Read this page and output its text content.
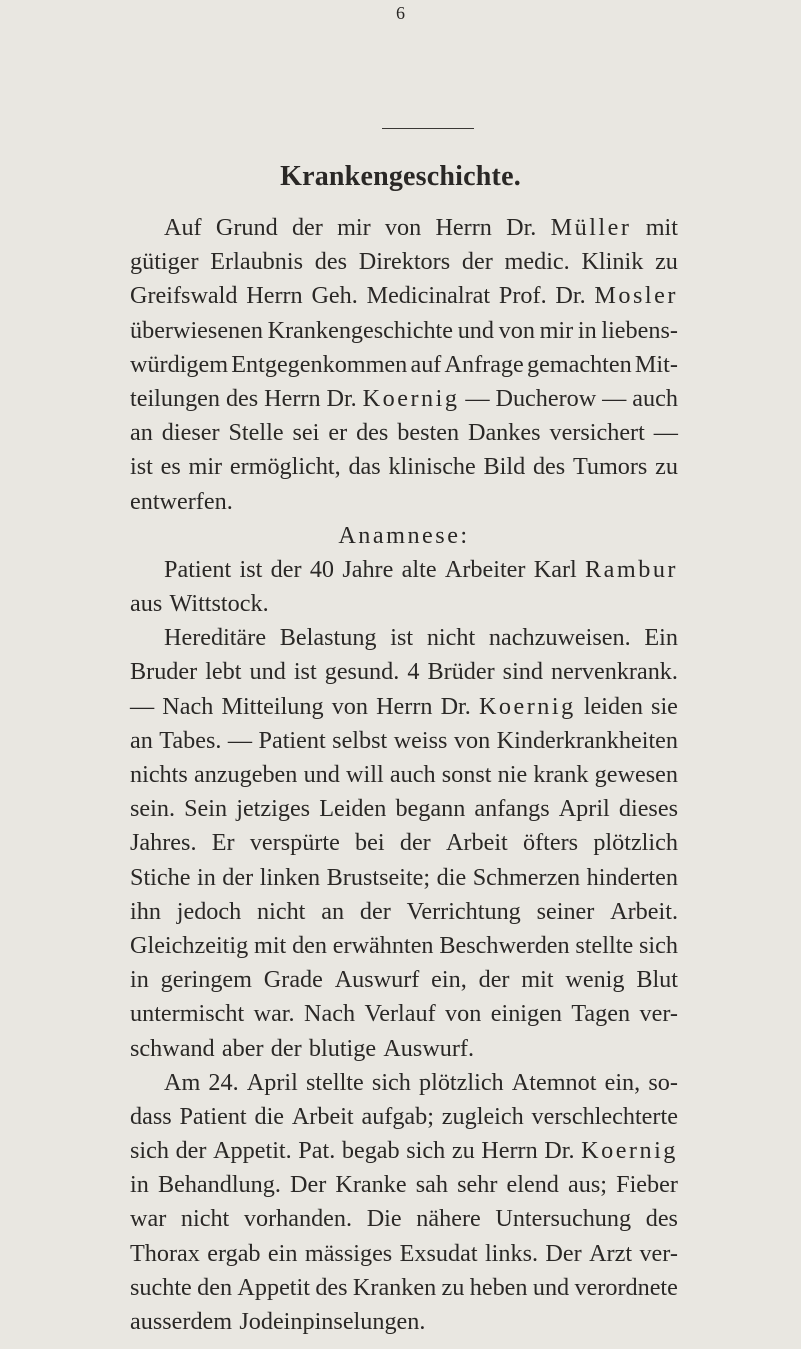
6
Krankengeschichte.
Auf Grund der mir von Herrn Dr. Müller mit
gütiger Erlaubnis des Direktors der medic. Klinik zu
Greifswald Herrn Geh. Medicinalrat Prof. Dr. Mosler
überwiesenen Krankengeschichte und von mir in liebens-
würdigem Entgegenkommen auf Anfrage gemachten Mit-
teilungen des Herrn Dr. Koernig — Ducherow — auch
an dieser Stelle sei er des besten Dankes versichert —
ist es mir ermöglicht, das klinische Bild des Tumors zu
entwerfen.
Anamnese:
Patient ist der 40 Jahre alte Arbeiter Karl Rambur
aus Wittstock.
Hereditäre Belastung ist nicht nachzuweisen. Ein
Bruder lebt und ist gesund. 4 Brüder sind nervenkrank.
— Nach Mitteilung von Herrn Dr. Koernig leiden sie
an Tabes. — Patient selbst weiss von Kinderkrankheiten
nichts anzugeben und will auch sonst nie krank gewesen
sein. Sein jetziges Leiden begann anfangs April dieses
Jahres. Er verspürte bei der Arbeit öfters plötzlich
Stiche in der linken Brustseite; die Schmerzen hinderten
ihn jedoch nicht an der Verrichtung seiner Arbeit.
Gleichzeitig mit den erwähnten Beschwerden stellte sich
in geringem Grade Auswurf ein, der mit wenig Blut
untermischt war. Nach Verlauf von einigen Tagen ver-
schwand aber der blutige Auswurf.
Am 24. April stellte sich plötzlich Atemnot ein, so-
dass Patient die Arbeit aufgab; zugleich verschlechterte
sich der Appetit. Pat. begab sich zu Herrn Dr. Koernig
in Behandlung. Der Kranke sah sehr elend aus; Fieber
war nicht vorhanden. Die nähere Untersuchung des
Thorax ergab ein mässiges Exsudat links. Der Arzt ver-
suchte den Appetit des Kranken zu heben und verordnete
ausserdem Jodeinpinselungen.
